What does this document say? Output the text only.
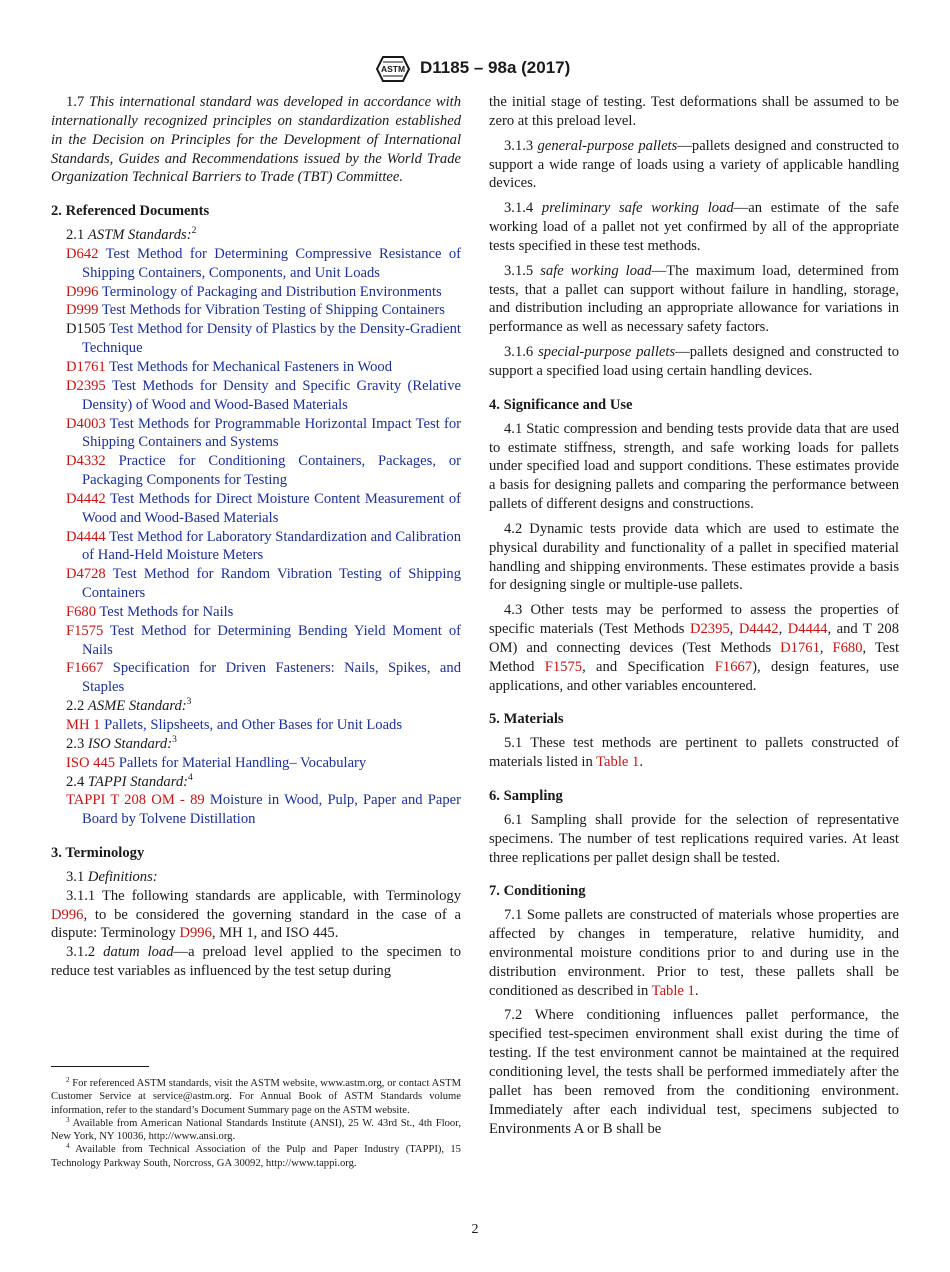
ASTM D1185 – 98a (2017)

1.7 This international standard was developed in accordance with internationally recognized principles on standardization established in the Decision on Principles for the Development of International Standards, Guides and Recommendations issued by the World Trade Organization Technical Barriers to Trade (TBT) Committee.

2. Referenced Documents

2.1 ASTM Standards:$^2$

D642 Test Method for Determining Compressive Resistance of Shipping Containers, Components, and Unit Loads

D996 Terminology of Packaging and Distribution Environments

D999 Test Methods for Vibration Testing of Shipping Containers

D1505 Test Method for Density of Plastics by the Density-Gradient Technique

D1761 Test Methods for Mechanical Fasteners in Wood

D2395 Test Methods for Density and Specific Gravity (Relative Density) of Wood and Wood-Based Materials

D4003 Test Methods for Programmable Horizontal Impact Test for Shipping Containers and Systems

D4332 Practice for Conditioning Containers, Packages, or Packaging Components for Testing

D4442 Test Methods for Direct Moisture Content Measurement of Wood and Wood-Based Materials

D4444 Test Method for Laboratory Standardization and Calibration of Hand-Held Moisture Meters

D4728 Test Method for Random Vibration Testing of Shipping Containers

F680 Test Methods for Nails

F1575 Test Method for Determining Bending Yield Moment of Nails

F1667 Specification for Driven Fasteners: Nails, Spikes, and Staples

2.2 ASME Standard:$^3$

MH 1 Pallets, Slipsheets, and Other Bases for Unit Loads

2.3 ISO Standard:$^3$

ISO 445 Pallets for Material Handling– Vocabulary

2.4 TAPPI Standard:$^4$

TAPPI T 208 OM - 89 Moisture in Wood, Pulp, Paper and Paper Board by Tolvene Distillation

3. Terminology

3.1 Definitions:

3.1.1 The following standards are applicable, with Terminology D996, to be considered the governing standard in the case of a dispute: Terminology D996, MH 1, and ISO 445.

3.1.2 datum load—a preload level applied to the specimen to reduce test variables as influenced by the test setup during

$^2$ For referenced ASTM standards, visit the ASTM website, www.astm.org, or contact ASTM Customer Service at service@astm.org. For Annual Book of ASTM Standards volume information, refer to the standard’s Document Summary page on the ASTM website.

$^3$ Available from American National Standards Institute (ANSI), 25 W. 43rd St., 4th Floor, New York, NY 10036, http://www.ansi.org.

$^4$ Available from Technical Association of the Pulp and Paper Industry (TAPPI), 15 Technology Parkway South, Norcross, GA 30092, http://www.tappi.org.

the initial stage of testing. Test deformations shall be assumed to be zero at this preload level.

3.1.3 general-purpose pallets—pallets designed and constructed to support a wide range of loads using a variety of applicable handling devices.

3.1.4 preliminary safe working load—an estimate of the safe working load of a pallet not yet confirmed by all of the appropriate tests specified in these test methods.

3.1.5 safe working load—The maximum load, determined from tests, that a pallet can support without failure in handling, storage, and distribution including an appropriate allowance for variations in performance as well as necessary safety factors.

3.1.6 special-purpose pallets—pallets designed and constructed to support a specified load using certain handling devices.

4. Significance and Use

4.1 Static compression and bending tests provide data that are used to estimate stiffness, strength, and safe working loads for pallets under specified load and support conditions. These estimates provide a basis for designing pallets and comparing the performance between pallets of different designs and constructions.

4.2 Dynamic tests provide data which are used to estimate the physical durability and functionality of a pallet in specified material handling and shipping environments. These estimates provide a basis for designing single or multiple-use pallets.

4.3 Other tests may be performed to assess the properties of specific materials (Test Methods D2395, D4442, D4444, and T 208 OM) and connecting devices (Test Methods D1761, F680, Test Method F1575, and Specification F1667), design features, use applications, and other variables encountered.

5. Materials

5.1 These test methods are pertinent to pallets constructed of materials listed in Table 1.

6. Sampling

6.1 Sampling shall provide for the selection of representative specimens. The number of test replications required varies. At least three replications per pallet design shall be tested.

7. Conditioning

7.1 Some pallets are constructed of materials whose properties are affected by changes in temperature, relative humidity, and environmental moisture conditions prior to and during use in the distribution environment. Prior to test, these pallets shall be conditioned as described in Table 1.

7.2 Where conditioning influences pallet performance, the specified test-specimen environment shall exist during the time of testing. If the test environment cannot be maintained at the required conditioning level, the tests shall be performed immediately after the pallet has been removed from the conditioning environment. Immediately after each individual test, specimens subjected to Environments A or B shall be

2
